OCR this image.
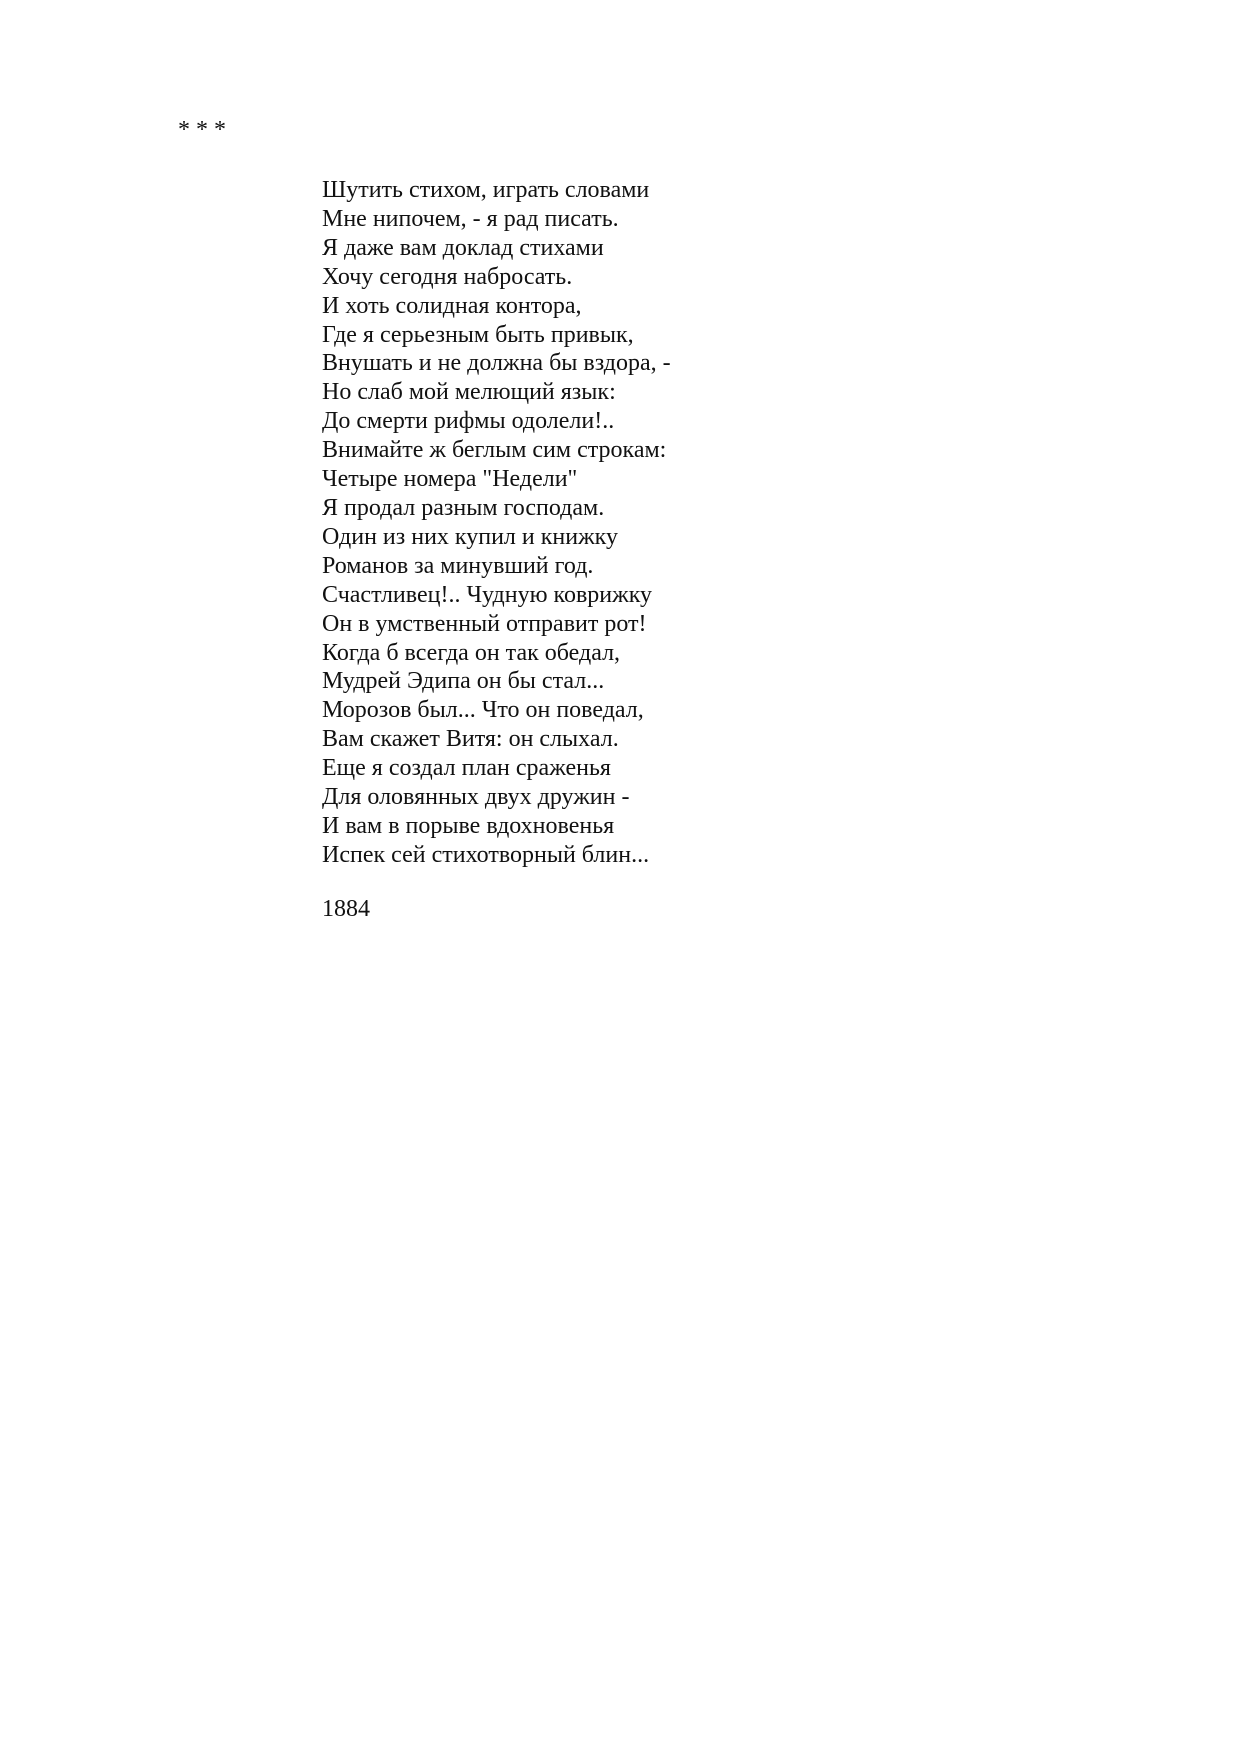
* * *
Шутить стихом, играть словами
Мне нипочем, - я рад писать.
Я даже вам доклад стихами
Хочу сегодня набросать.
И хоть солидная контора,
Где я серьезным быть привык,
Внушать и не должна бы вздора, -
Но слаб мой мелющий язык:
До смерти рифмы одолели!..
Внимайте ж беглым сим строкам:
Четыре номера "Недели"
Я продал разным господам.
Один из них купил и книжку
Романов за минувший год.
Счастливец!.. Чудную коврижку
Он в умственный отправит рот!
Когда б всегда он так обедал,
Мудрей Эдипа он бы стал...
Морозов был... Что он поведал,
Вам скажет Витя: он слыхал.
Еще я создал план сраженья
Для оловянных двух дружин -
И вам в порыве вдохновенья
Испек сей стихотворный блин...
1884
